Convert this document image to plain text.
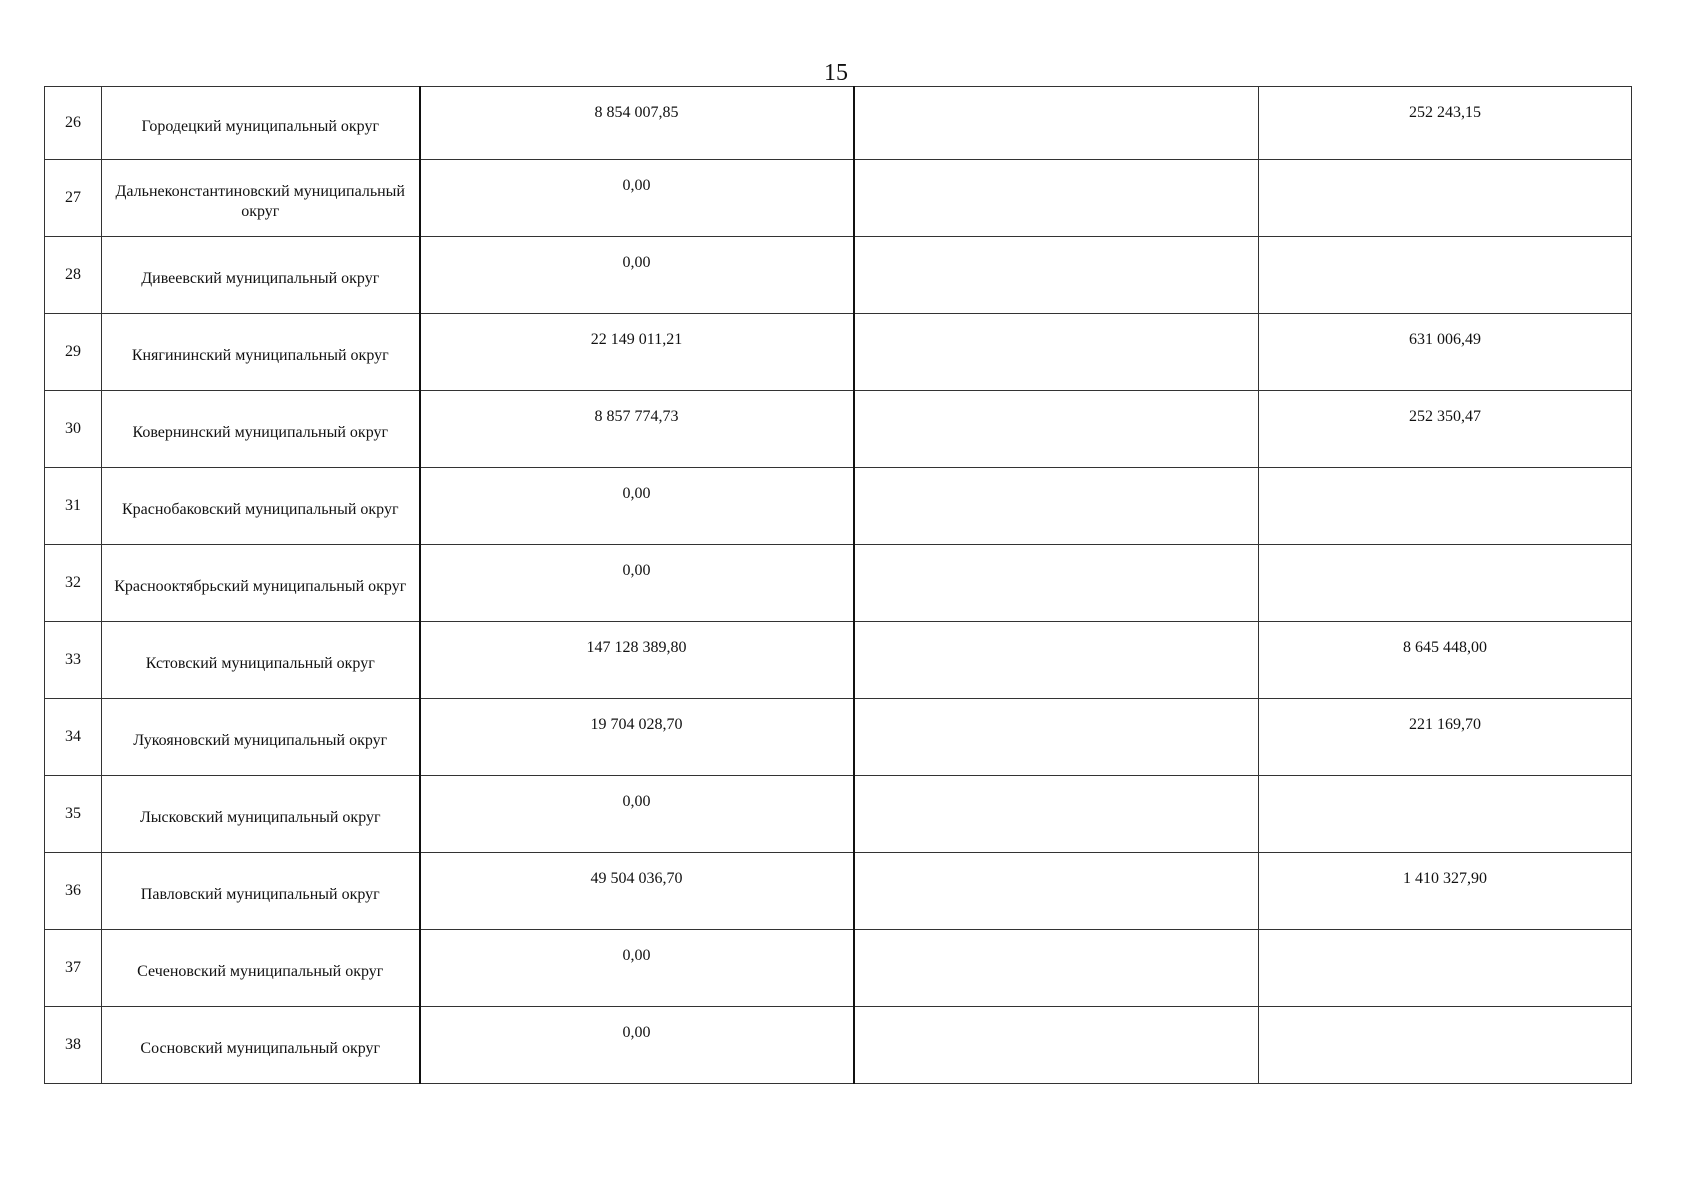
15
26	Городецкий муниципальный округ	8 854 007,85		252 243,15
27	Дальнеконстантиновский муниципальный округ	0,00		
28	Дивеевский муниципальный округ	0,00		
29	Княгининский муниципальный округ	22 149 011,21		631 006,49
30	Ковернинский муниципальный округ	8 857 774,73		252 350,47
31	Краснобаковский муниципальный округ	0,00		
32	Краснооктябрьский муниципальный округ	0,00		
33	Кстовский муниципальный округ	147 128 389,80		8 645 448,00
34	Лукояновский муниципальный округ	19 704 028,70		221 169,70
35	Лысковский муниципальный округ	0,00		
36	Павловский муниципальный округ	49 504 036,70		1 410 327,90
37	Сеченовский муниципальный округ	0,00		
38	Сосновский муниципальный округ	0,00		
